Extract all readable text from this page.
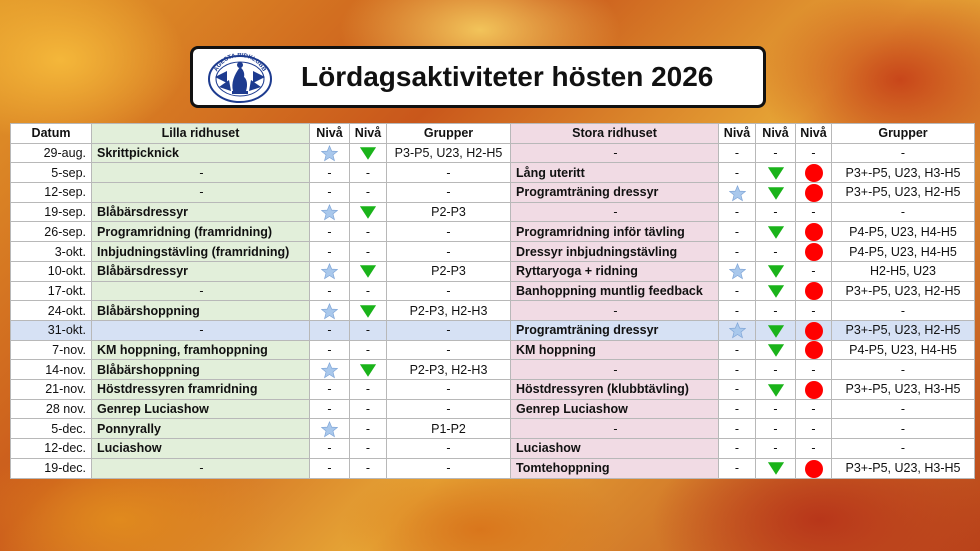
ÄGESTA RIDKLUBB Lördagsaktiviteter hösten 2026
Datum	Lilla ridhuset	Nivå	Nivå	Grupper	Stora ridhuset	Nivå	Nivå	Nivå	Grupper
29-aug.	Skrittpicknick			P3-P5, U23, H2-H5	-	-	-	-	-
5-sep.	-	-	-	-	Lång uteritt	-			P3+-P5, U23, H3-H5
12-sep.	-	-	-	-	Programträning dressyr				P3+-P5, U23, H2-H5
19-sep.	Blåbärsdressyr			P2-P3	-	-	-	-	-
26-sep.	Programridning (framridning)	-	-	-	Programridning inför tävling	-			P4-P5, U23, H4-H5
3-okt.	Inbjudningstävling (framridning)	-	-	-	Dressyr inbjudningstävling	-	-		P4-P5, U23, H4-H5
10-okt.	Blåbärsdressyr			P2-P3	Ryttaryoga + ridning			-	H2-H5, U23
17-okt.	-	-	-	-	Banhoppning muntlig feedback	-			P3+-P5, U23, H2-H5
24-okt.	Blåbärshoppning			P2-P3, H2-H3	-	-	-	-	-
31-okt.	-	-	-	-	Programträning dressyr				P3+-P5, U23, H2-H5
7-nov.	KM hoppning, framhoppning	-	-	-	KM hoppning	-			P4-P5, U23, H4-H5
14-nov.	Blåbärshoppning			P2-P3, H2-H3	-	-	-	-	-
21-nov.	Höstdressyren framridning	-	-	-	Höstdressyren (klubbtävling)	-			P3+-P5, U23, H3-H5
28 nov.	Genrep Luciashow	-	-	-	Genrep Luciashow	-	-	-	-
5-dec.	Ponnyrally		-	P1-P2	-	-	-	-	-
12-dec.	Luciashow	-	-	-	Luciashow	-	-	-	-
19-dec.	-	-	-	-	Tomtehoppning	-			P3+-P5, U23, H3-H5
